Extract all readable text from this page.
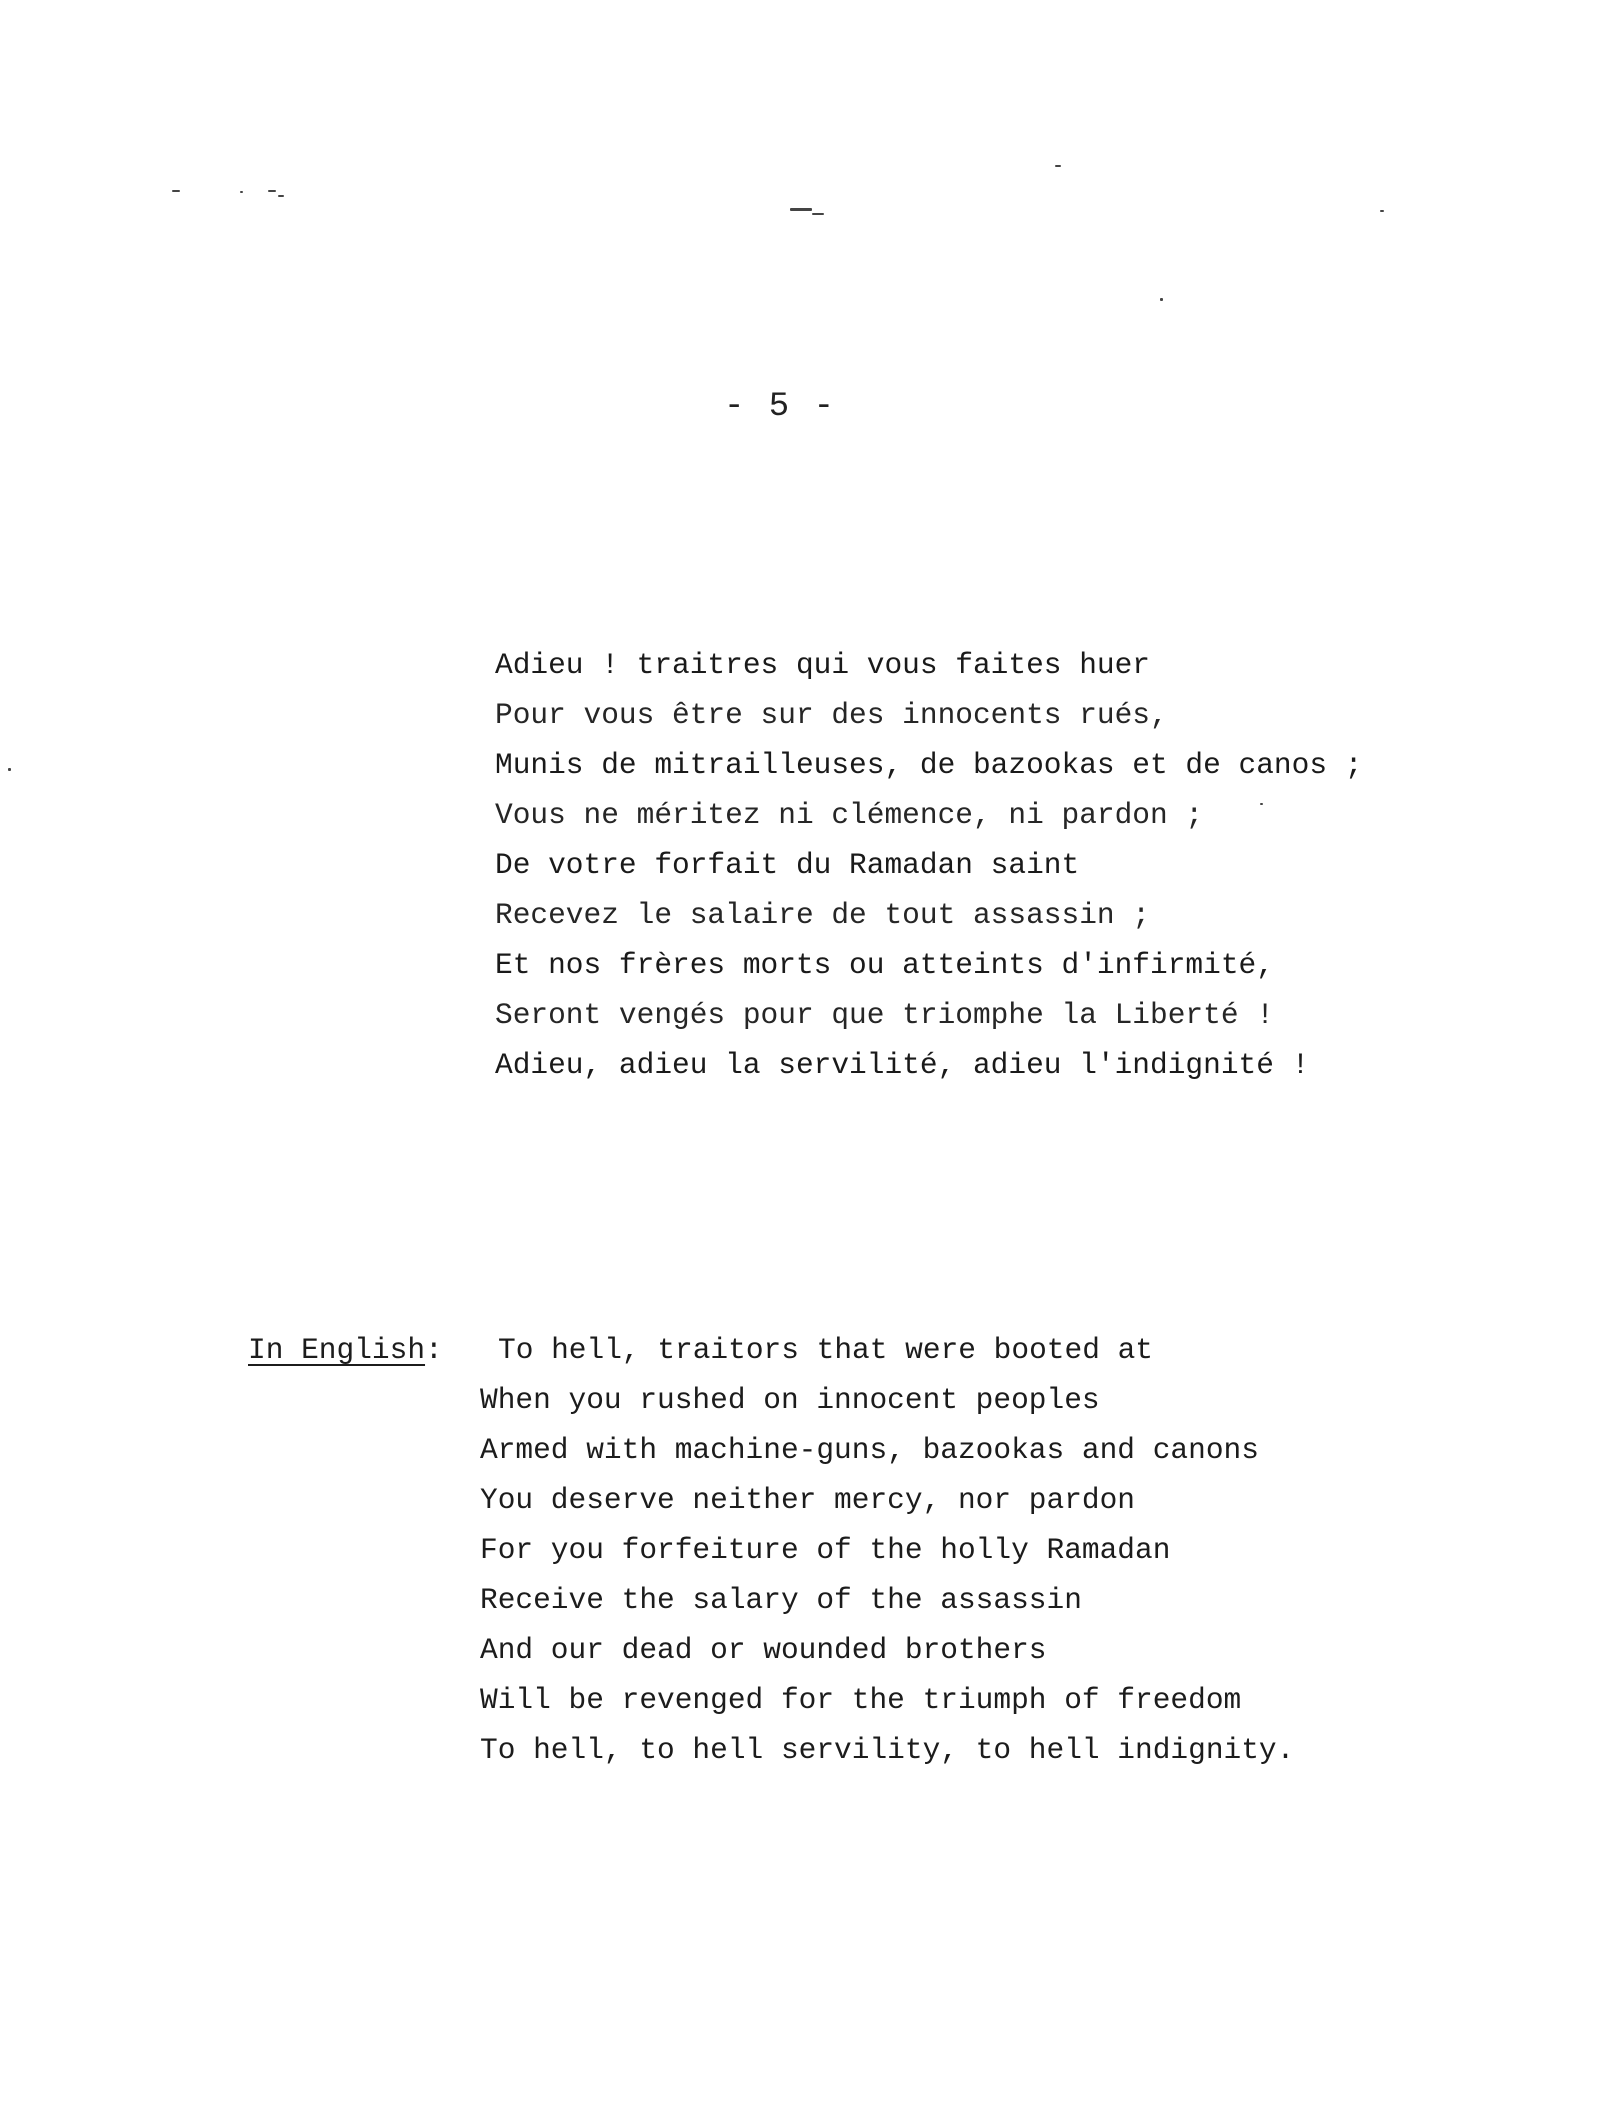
- 5 -
Adieu ! traitres qui vous faites huer
Pour vous être sur des innocents rués,
Munis de mitrailleuses, de bazookas et de canos ;
Vous ne méritez ni clémence, ni pardon ;
De votre forfait du Ramadan saint
Recevez le salaire de tout assassin ;
Et nos frères morts ou atteints d'infirmité,
Seront vengés pour que triomphe la Liberté !
Adieu, adieu la servilité, adieu l'indignité !
In English:	To hell, traitors that were booted at
When you rushed on innocent peoples
Armed with machine-guns, bazookas and canons
You deserve neither mercy, nor pardon
For you forfeiture of the holly Ramadan
Receive the salary of the assassin
And our dead or wounded brothers
Will be revenged for the triumph of freedom
To hell, to hell servility, to hell indignity.
